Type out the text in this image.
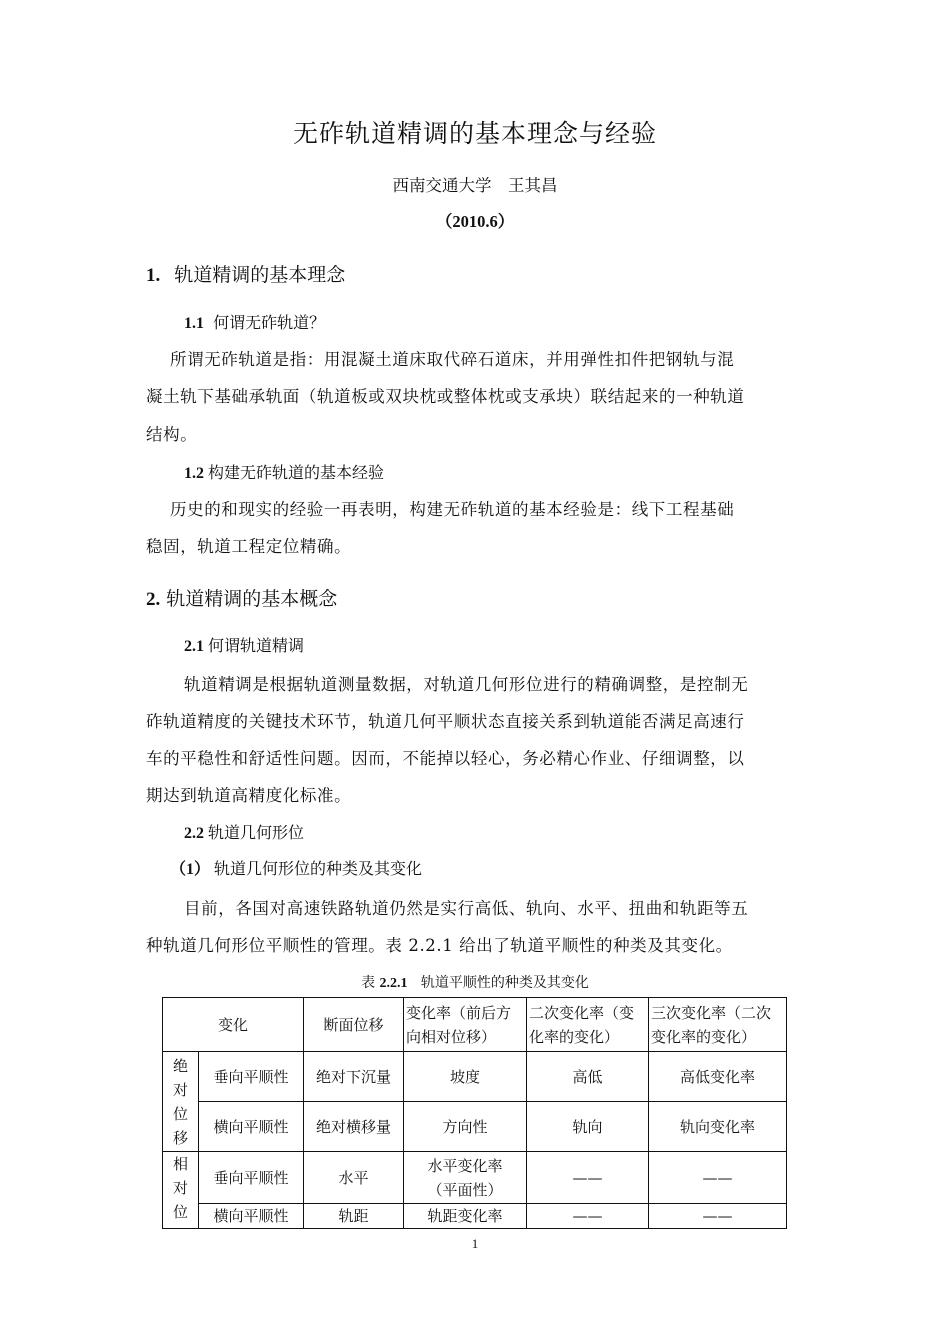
无砟轨道精调的基本理念与经验
西南交通大学　王其昌
（2010.6）
1. 轨道精调的基本理念
1.1 何谓无砟轨道？
所谓无砟轨道是指：用混凝土道床取代碎石道床，并用弹性扣件把钢轨与混
凝土轨下基础承轨面（轨道板或双块枕或整体枕或支承块）联结起来的一种轨道
结构。
1.2 构建无砟轨道的基本经验
历史的和现实的经验一再表明，构建无砟轨道的基本经验是：线下工程基础
稳固，轨道工程定位精确。
2. 轨道精调的基本概念
2.1 何谓轨道精调
轨道精调是根据轨道测量数据，对轨道几何形位进行的精确调整，是控制无
砟轨道精度的关键技术环节，轨道几何平顺状态直接关系到轨道能否满足高速行
车的平稳性和舒适性问题。因而，不能掉以轻心，务必精心作业、仔细调整，以
期达到轨道高精度化标准。
2.2 轨道几何形位
（1） 轨道几何形位的种类及其变化
目前，各国对高速铁路轨道仍然是实行高低、轨向、水平、扭曲和轨距等五
种轨道几何形位平顺性的管理。表 2.2.1 给出了轨道平顺性的种类及其变化。
表 2.2.1 轨道平顺性的种类及其变化
变化		断面位移	变化率（前后方向相对位移）	二次变化率（变化率的变化）	三次变化率（二次变化率的变化）
绝对位移	垂向平顺性	绝对下沉量	坡度	高低	高低变化率
	横向平顺性	绝对横移量	方向性	轨向	轨向变化率
相对位	垂向平顺性	水平	水平变化率（平面性）	——	——
	横向平顺性	轨距	轨距变化率	——	——
1
